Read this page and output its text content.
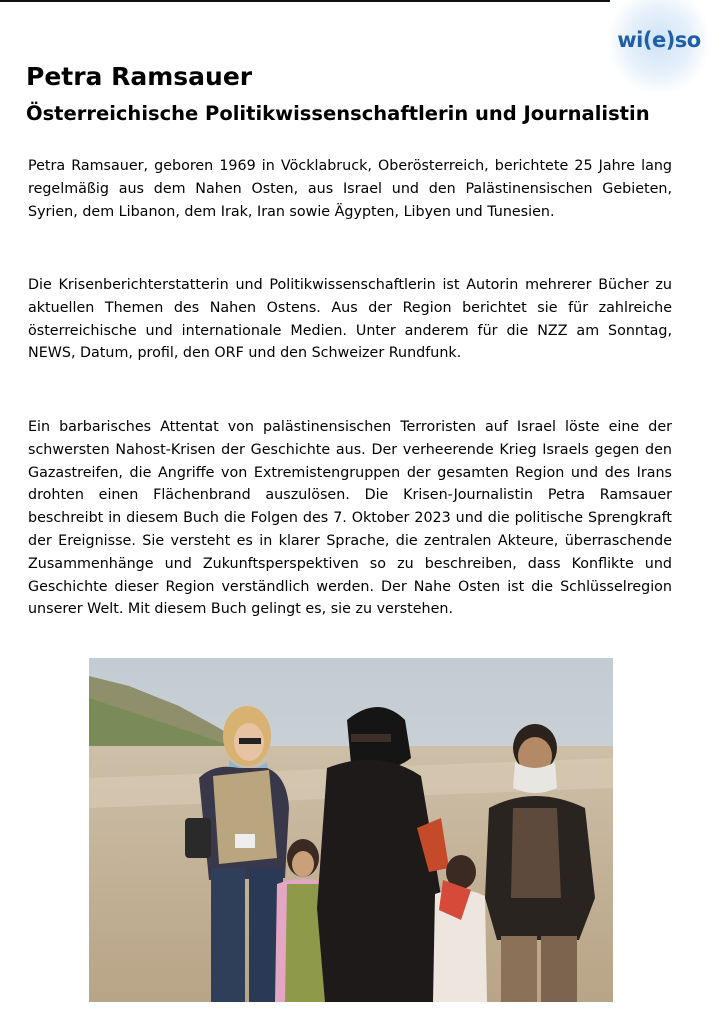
wi(e)so
Petra Ramsauer
Österreichische Politikwissenschaftlerin und Journalistin

Petra Ramsauer, geboren 1969 in Vöcklabruck, Oberösterreich, berichtete 25 Jahre lang regelmäßig aus dem Nahen Osten, aus Israel und den Palästinensischen Gebieten, Syrien, dem Libanon, dem Irak, Iran sowie Ägypten, Libyen und Tunesien.

Die Krisenberichterstatterin und Politikwissenschaftlerin ist Autorin mehrerer Bücher zu aktuellen Themen des Nahen Ostens. Aus der Region berichtet sie für zahlreiche österreichische und internationale Medien. Unter anderem für die NZZ am Sonntag, NEWS, Datum, profil, den ORF und den Schweizer Rundfunk.

Ein barbarisches Attentat von palästinensischen Terroristen auf Israel löste eine der schwersten Nahost-Krisen der Geschichte aus. Der verheerende Krieg Israels gegen den Gazastreifen, die Angriffe von Extremistengruppen der gesamten Region und des Irans drohten einen Flächenbrand auszulösen. Die Krisen-Journalistin Petra Ramsauer beschreibt in diesem Buch die Folgen des 7. Oktober 2023 und die politische Sprengkraft der Ereignisse. Sie versteht es in klarer Sprache, die zentralen Akteure, überraschende Zusammenhänge und Zukunftsperspektiven so zu beschreiben, dass Konflikte und Geschichte dieser Region verständlich werden. Der Nahe Osten ist die Schlüsselregion unserer Welt. Mit diesem Buch gelingt es, sie zu verstehen.
